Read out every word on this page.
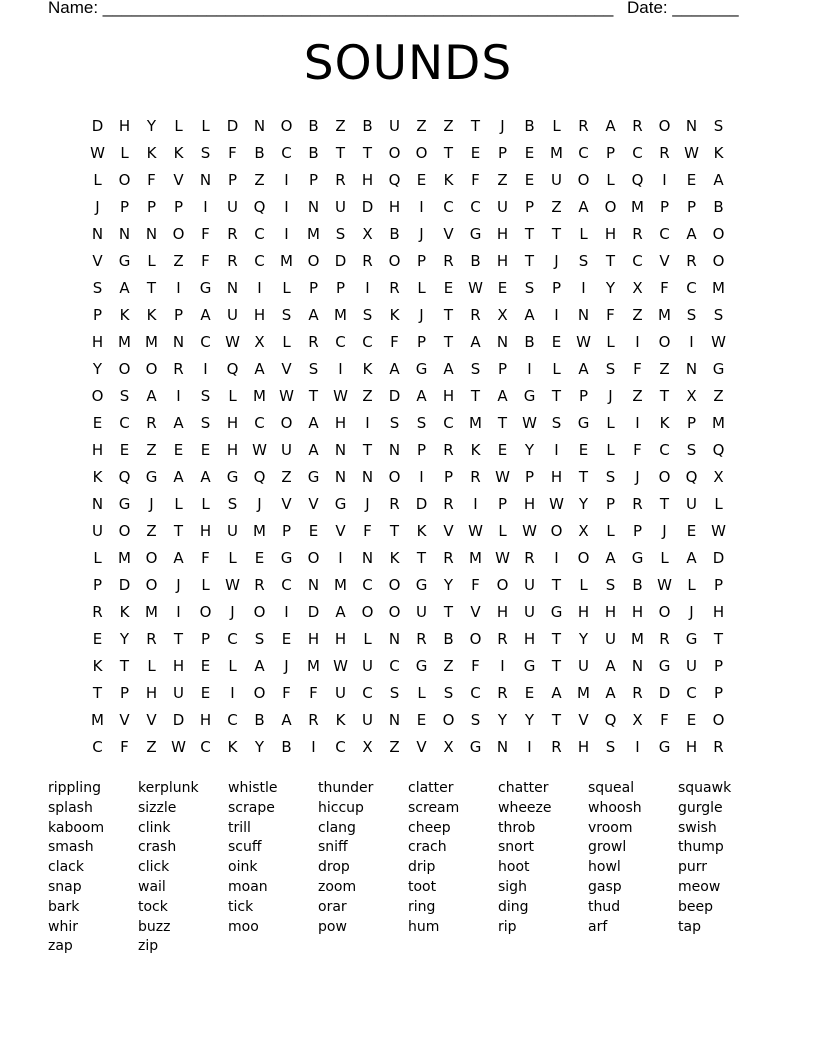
Name: ______________________________________________________ Date: _______
SOUNDS
D	H	Y	L	L	D	N	O	B	Z	B	U	Z	Z	T	J	B	L	R	A	R	O	N	S
W	L	K	K	S	F	B	C	B	T	T	O	O	T	E	P	E	M	C	P	C	R W K
L	O	F	V	N	P	Z	I	P	R	H	Q	E	K	F	Z	E	U	O	L	Q	I	E	A
J	P	P	P	I	U	Q	I	N	U	D	H	I	C	C	U	P	Z	A	O M	P	P	B
N	N	N	O	F	R	C	I	M	S	X	B	J	V	G	H	T	T	L	H	R	C	A	O
V	G	L	Z	F	R	C	M O	D	R	O	P	R	B	H	T	J	S	T	C	V	R	O
S	A	T	I	G	N	I	L	P	P	I	R	L	E W E	S	P	I	Y	X	F	C	M
P	K	K	P	A	U	H	S	A	M	S	K	J	T	R	X	A	I	N	F	Z	M	S	S
H M M N	C W X	L	R	C	C	F	P	T	A	N	B	E W	L	I	O	I	W
Y	O	O	R	I	Q	A	V	S	I	K	A	G	A	S	P	I	L	A	S	F	Z	N	G
O	S	A	I	S	L	M W T	W Z	D	A	H	T	A	G	T	P	J	Z	T	X	Z
E	C	R	A	S	H	C	O	A	H	I	S	S	C	M	T	W S	G	L	I	K	P	M
H	E	Z	E	E	H W U	A	N	T	N	P	R	K	E	Y	I	E	L	F	C	S	Q
K	Q	G	A	A	G	Q	Z	G	N	N	O	I	P	R W	P	H	T	S	J	O	Q	X
N	G	J	L	L	S	J	V	V	G	J	R	D	R	I	P	H W Y	P	R	T	U	L
U	O	Z	T	H	U	M	P	E	V	F	T	K	V W	L	W O	X	L	P	J	E W
L	M O	A	F	L	E	G	O	I	N	K	T	R	M W R	I	O	A	G	L	A	D
P	D	O	J	L	W R	C	N M	C	O	G	Y	F	O	U	T	L	S	B W	L	P
R	K	M	I	O	J	O	I	D	A	O	O	U	T	V	H	U	G	H	H	H	O	J	H
E	Y	R	T	P	C	S	E	H	H	L	N	R	B	O	R	H	T	Y	U	M	R	G	T
K	T	L	H	E	L	A	J	M W U	C	G	Z	F	I	G	T	U	A	N	G	U	P
T	P	H	U	E	I	O	F	F	U	C	S	L	S	C	R	E	A	M	A	R	D	C	P
M	V	V	D	H	C	B	A	R	K	U	N	E	O	S	Y	Y	T	V	Q	X	F	E	O
C	F	Z W C	K	Y	B	I	C	X	Z	V	X	G	N	I	R	H	S	I	G	H	R
rippling	kerplunk	whistle	thunder	clatter	chatter	squeal	squawk
splash	sizzle	scrape	hiccup	scream	wheeze	whoosh	gurgle
kaboom	clink	trill	clang	cheep	throb	vroom	swish
smash	crash	scuff	sniff	crach	snort	growl	thump
clack	click	oink	drop	drip	hoot	howl	purr
snap	wail	moan	zoom	toot	sigh	gasp	meow
bark	tock	tick	orar	ring	ding	thud	beep
whir	buzz	moo	pow	hum	rip	arf	tap
zap	zip
